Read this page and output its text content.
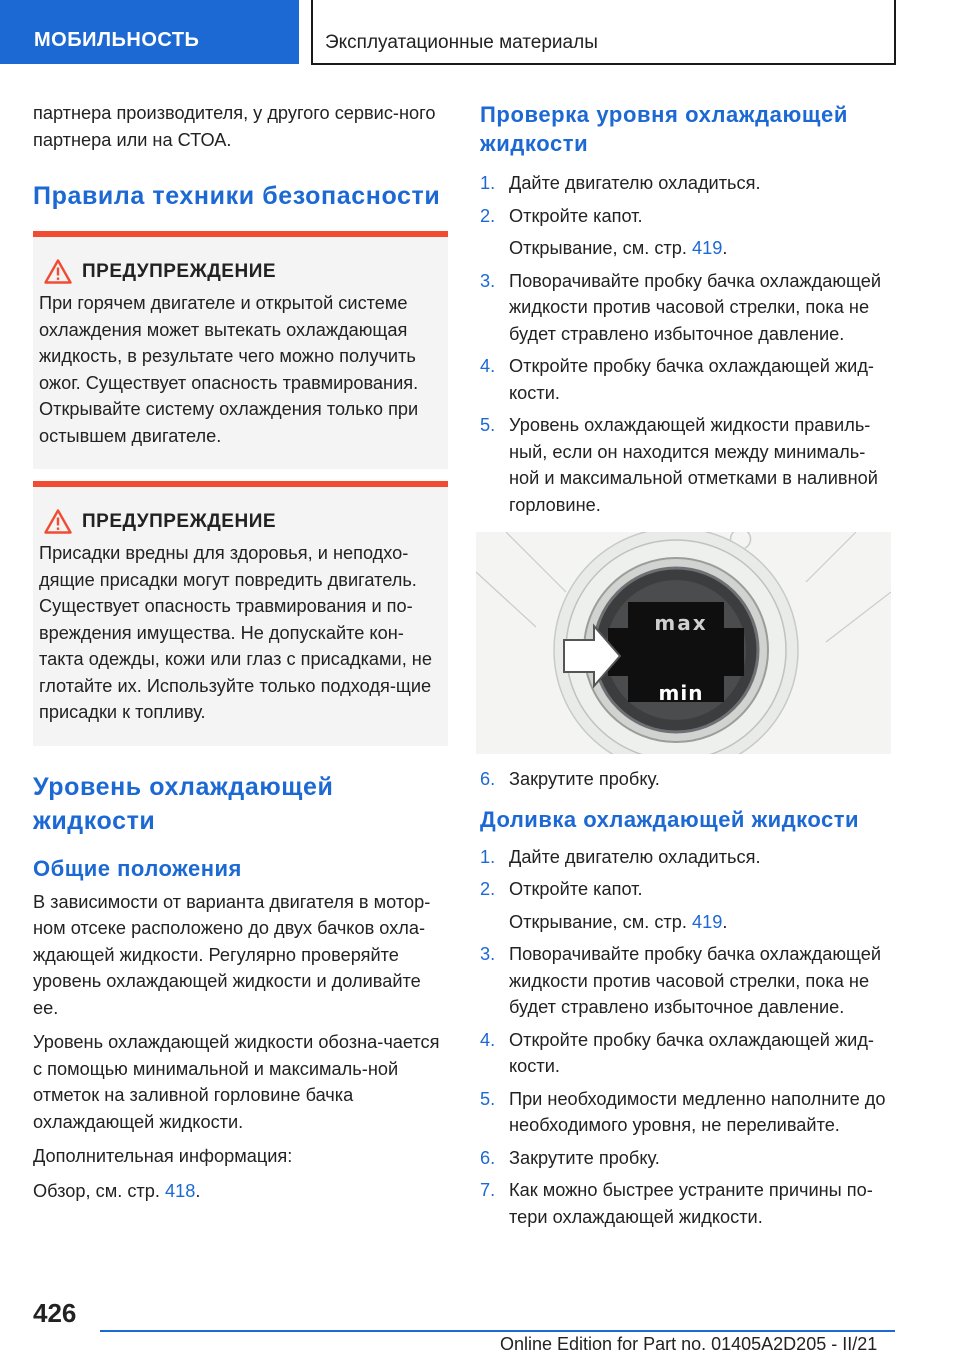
МОБИЛЬНОСТЬ	Эксплуатационные материалы

партнера производителя, у другого сервис-ного партнера или на СТОА.

Правила техники безопасности
ПРЕДУПРЕЖДЕНИЕ

При горячем двигателе и открытой системе охлаждения может вытекать охлаждающая жидкость, в результате чего можно получить ожог. Существует опасность травмирования. Открывайте систему охлаждения только при остывшем двигателе.

ПРЕДУПРЕЖДЕНИЕ

Присадки вредны для здоровья, и неподхо-дящие присадки могут повредить двигатель. Существует опасность травмирования и по-вреждения имущества. Не допускайте кон-такта одежды, кожи или глаз с присадками, не глотайте их. Используйте только подходя-щие присадки к топливу.

Уровень охлаждающей жидкости
Общие положения

В зависимости от варианта двигателя в мотор-ном отсеке расположено до двух бачков охла-ждающей жидкости. Регулярно проверяйте уровень охлаждающей жидкости и доливайте ее.

Уровень охлаждающей жидкости обозна-чается с помощью минимальной и максималь-ной отметок на заливной горловине бачка охлаждающей жидкости.

Дополнительная информация:

Обзор, см. стр. 418.

Проверка уровня охлаждающей жидкости
1. Дайте двигателю охладиться.
2. Откройте капот.
Открывание, см. стр. 419.
3. Поворачивайте пробку бачка охлаждающей жидкости против часовой стрелки, пока не будет стравлено избыточное давление.
4. Откройте пробку бачка охлаждающей жид-кости.
5. Уровень охлаждающей жидкости правиль-ный, если он находится между минималь-ной и максимальной отметками в наливной горловине.
max
min
6. Закрутите пробку.
Доливка охлаждающей жидкости
1. Дайте двигателю охладиться.
2. Откройте капот.
Открывание, см. стр. 419.
3. Поворачивайте пробку бачка охлаждающей жидкости против часовой стрелки, пока не будет стравлено избыточное давление.
4. Откройте пробку бачка охлаждающей жид-кости.
5. При необходимости медленно наполните до необходимого уровня, не переливайте.
6. Закрутите пробку.
7. Как можно быстрее устраните причины по-тери охлаждающей жидкости.
426
Online Edition for Part no. 01405A2D205 - II/21
